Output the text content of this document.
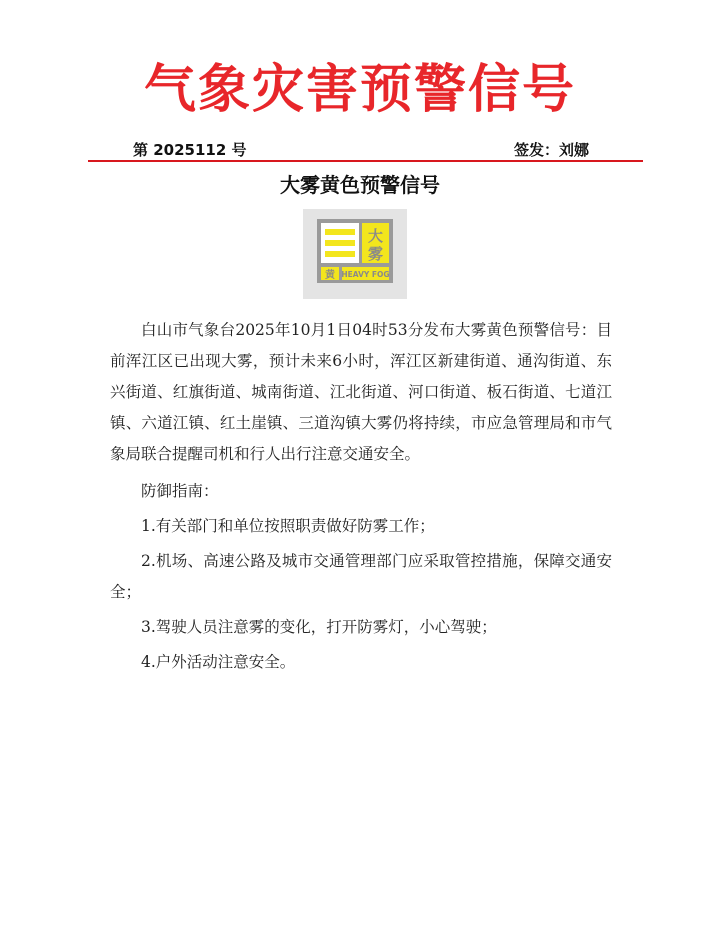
气象灾害预警信号
第 2025112 号	签发：刘娜
大雾黄色预警信号
大
雾
黄 HEAVY FOG

白山市气象台2025年10月1日04时53分发布大雾黄色预警信号：目前浑江区已出现大雾，预计未来6小时，浑江区新建街道、通沟街道、东兴街道、红旗街道、城南街道、江北街道、河口街道、板石街道、七道江镇、六道江镇、红土崖镇、三道沟镇大雾仍将持续，市应急管理局和市气象局联合提醒司机和行人出行注意交通安全。

防御指南：

1.有关部门和单位按照职责做好防雾工作；

2.机场、高速公路及城市交通管理部门应采取管控措施，保障交通安全；

3.驾驶人员注意雾的变化，打开防雾灯，小心驾驶；

4.户外活动注意安全。
